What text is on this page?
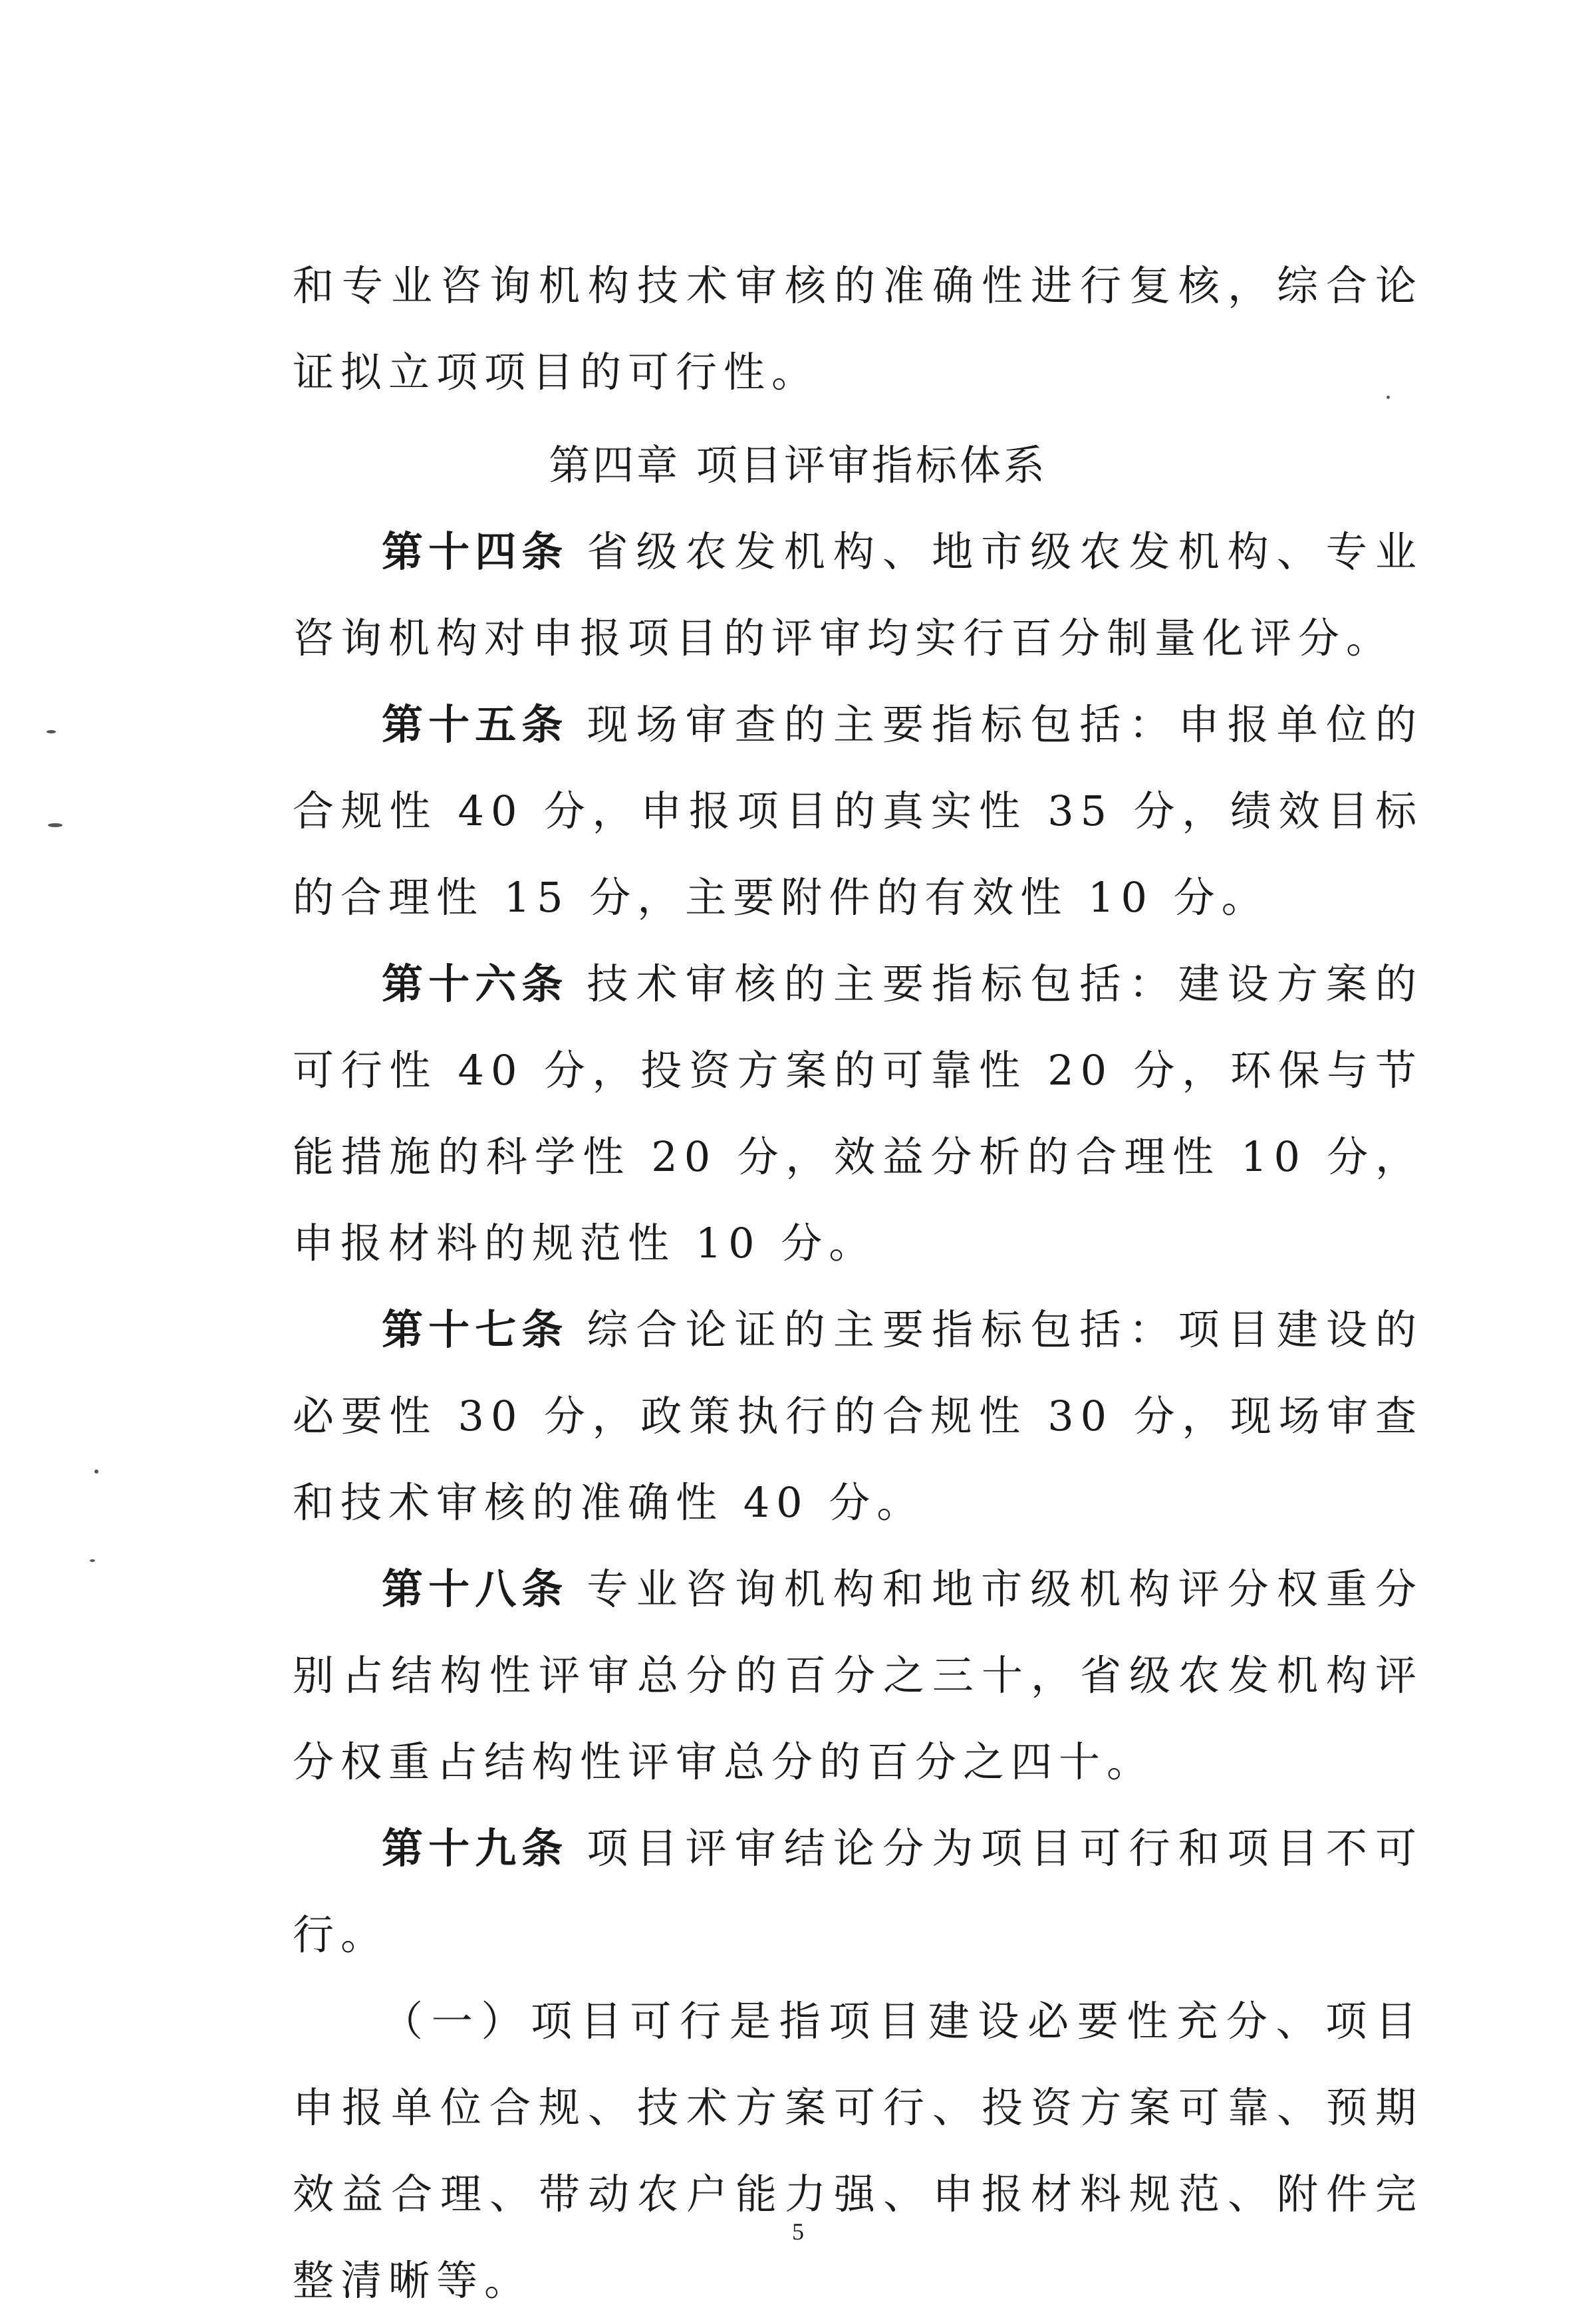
和专业咨询机构技术审核的准确性进行复核，综合论证拟立项项目的可行性。
第四章 项目评审指标体系

第十四条 省级农发机构、地市级农发机构、专业咨询机构对申报项目的评审均实行百分制量化评分。

第十五条 现场审查的主要指标包括：申报单位的合规性 40 分，申报项目的真实性 35 分，绩效目标的合理性 15 分，主要附件的有效性 10 分。

第十六条 技术审核的主要指标包括：建设方案的可行性 40 分，投资方案的可靠性 20 分，环保与节能措施的科学性 20 分，效益分析的合理性 10 分，申报材料的规范性 10 分。

第十七条 综合论证的主要指标包括：项目建设的必要性 30 分，政策执行的合规性 30 分，现场审查和技术审核的准确性 40 分。

第十八条 专业咨询机构和地市级机构评分权重分别占结构性评审总分的百分之三十，省级农发机构评分权重占结构性评审总分的百分之四十。

第十九条 项目评审结论分为项目可行和项目不可行。

（一）项目可行是指项目建设必要性充分、项目申报单位合规、技术方案可行、投资方案可靠、预期效益合理、带动农户能力强、申报材料规范、附件完整清晰等。

5
